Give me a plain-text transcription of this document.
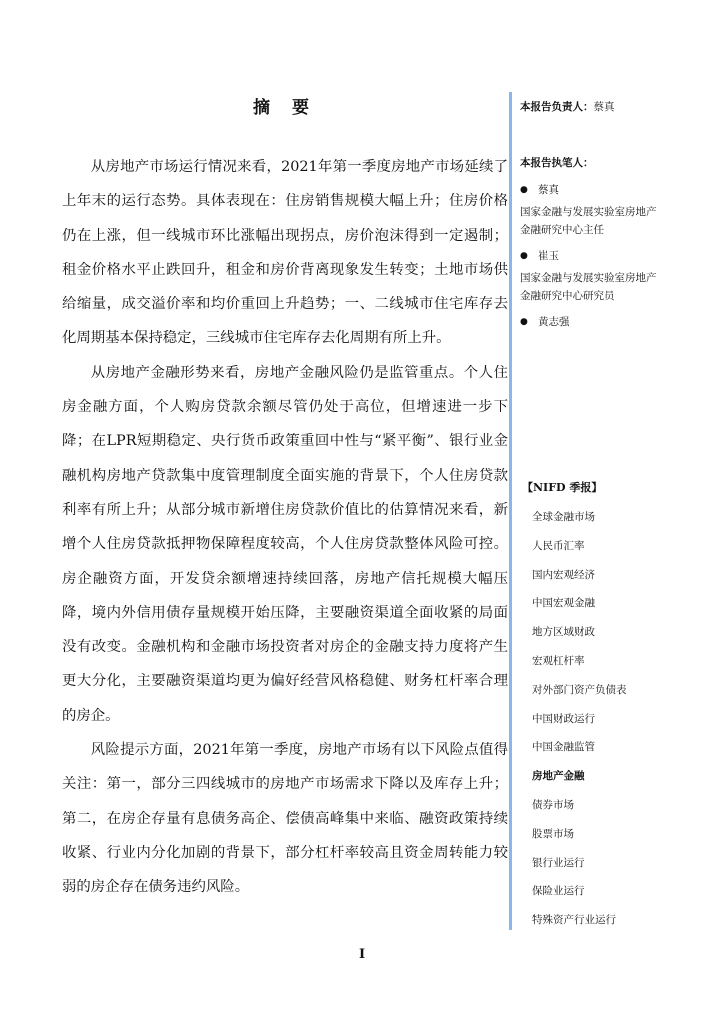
摘 要

从房地产市场运行情况来看，2021年第一季度房地产市场延续了上年末的运行态势。具体表现在：住房销售规模大幅上升；住房价格仍在上涨，但一线城市环比涨幅出现拐点，房价泡沫得到一定遏制；租金价格水平止跌回升，租金和房价背离现象发生转变；土地市场供给缩量，成交溢价率和均价重回上升趋势；一、二线城市住宅库存去化周期基本保持稳定，三线城市住宅库存去化周期有所上升。

从房地产金融形势来看，房地产金融风险仍是监管重点。个人住房金融方面，个人购房贷款余额尽管仍处于高位，但增速进一步下降；在LPR短期稳定、央行货币政策重回中性与“紧平衡”、银行业金融机构房地产贷款集中度管理制度全面实施的背景下，个人住房贷款利率有所上升；从部分城市新增住房贷款价值比的估算情况来看，新增个人住房贷款抵押物保障程度较高，个人住房贷款整体风险可控。房企融资方面，开发贷余额增速持续回落，房地产信托规模大幅压降，境内外信用债存量规模开始压降，主要融资渠道全面收紧的局面没有改变。金融机构和金融市场投资者对房企的金融支持力度将产生更大分化，主要融资渠道均更为偏好经营风格稳健、财务杠杆率合理的房企。

风险提示方面，2021年第一季度，房地产市场有以下风险点值得关注：第一，部分三四线城市的房地产市场需求下降以及库存上升；第二，在房企存量有息债务高企、偿债高峰集中来临、融资政策持续收紧、行业内分化加剧的背景下，部分杠杆率较高且资金周转能力较弱的房企存在债务违约风险。

本报告负责人：蔡真
本报告执笔人：
● 蔡真

国家金融与发展实验室房地产金融研究中心主任

● 崔玉

国家金融与发展实验室房地产金融研究中心研究员

● 黄志强
【NIFD 季报】
全球金融市场
人民币汇率
国内宏观经济
中国宏观金融
地方区域财政
宏观杠杆率
对外部门资产负债表
中国财政运行
中国金融监管
房地产金融
债券市场
股票市场
银行业运行
保险业运行
特殊资产行业运行
I
